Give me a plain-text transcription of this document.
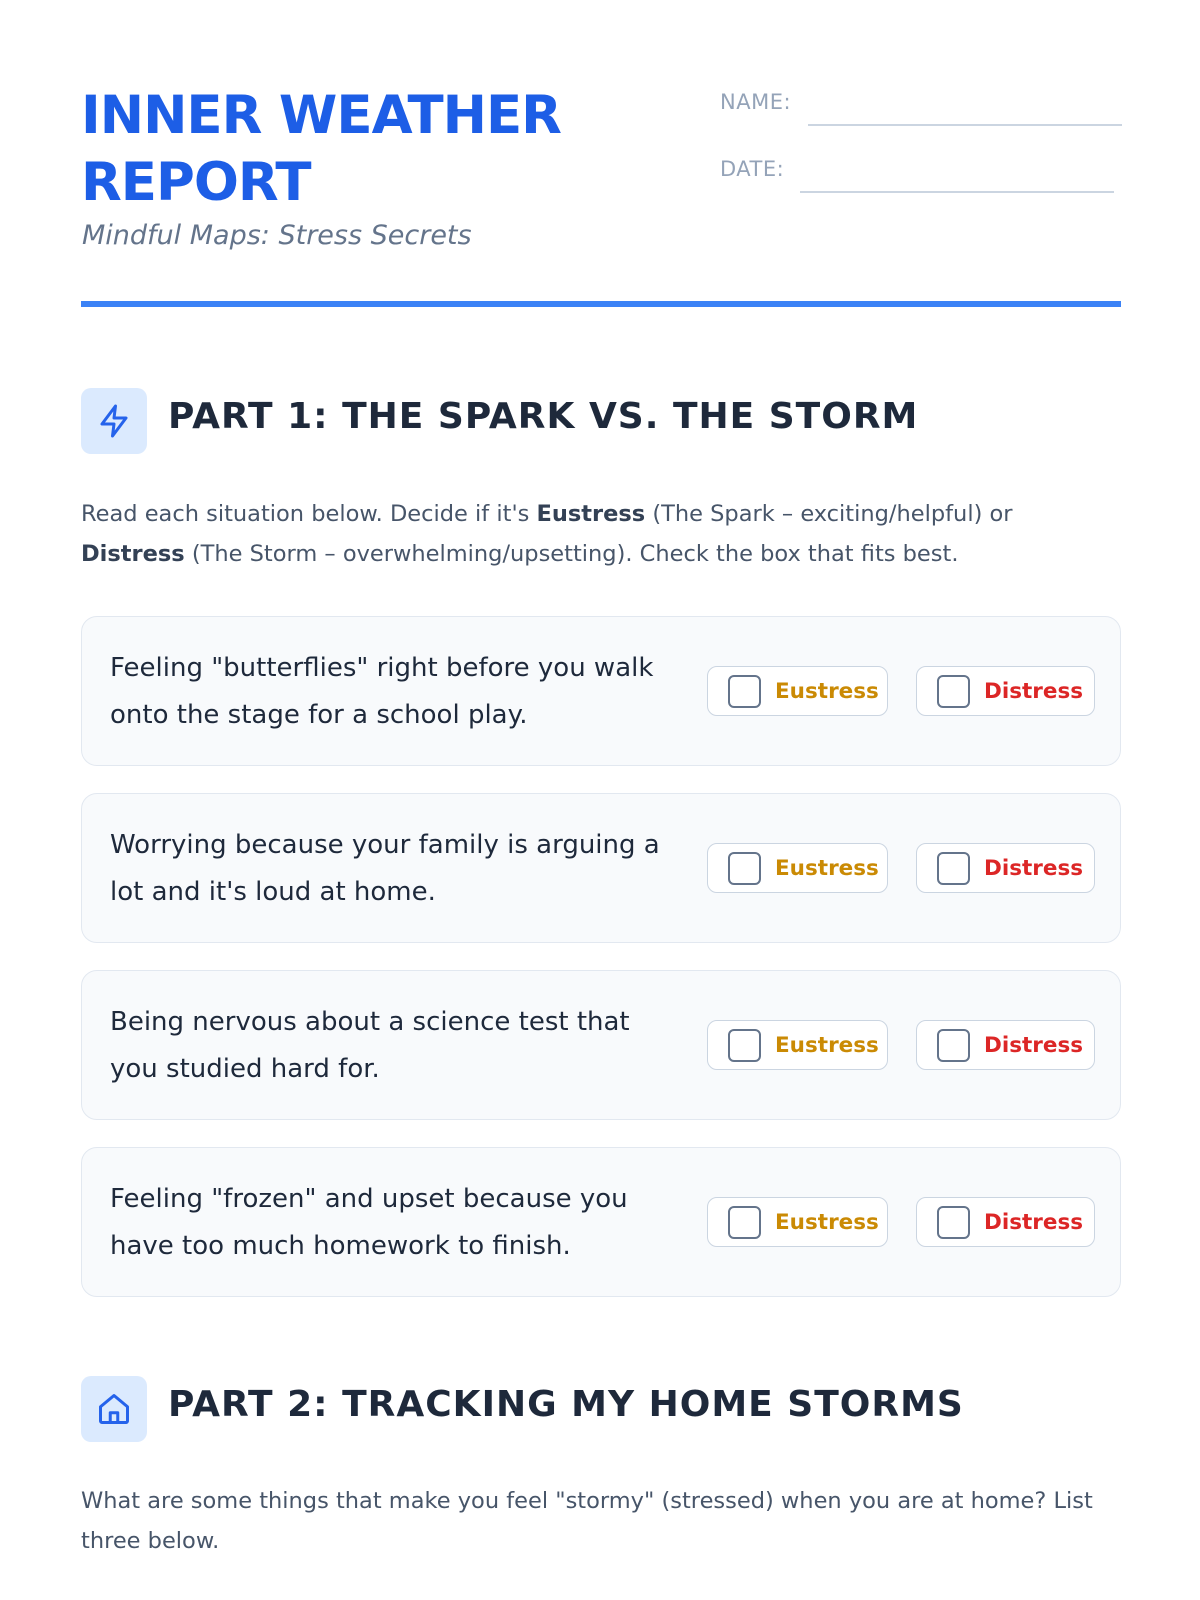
INNER WEATHER REPORT
Mindful Maps: Stress Secrets
NAME:
DATE:
PART 1: THE SPARK VS. THE STORM

Read each situation below. Decide if it's Eustress (The Spark – exciting/helpful) or Distress (The Storm – overwhelming/upsetting). Check the box that fits best.

Feeling "butterflies" right before you walk onto the stage for a school play.
Eustress	Distress
Worrying because your family is arguing a lot and it's loud at home.
Eustress	Distress
Being nervous about a science test that you studied hard for.
Eustress	Distress
Feeling "frozen" and upset because you have too much homework to finish.
Eustress	Distress
PART 2: TRACKING MY HOME STORMS

What are some things that make you feel "stormy" (stressed) when you are at home? List three below.
